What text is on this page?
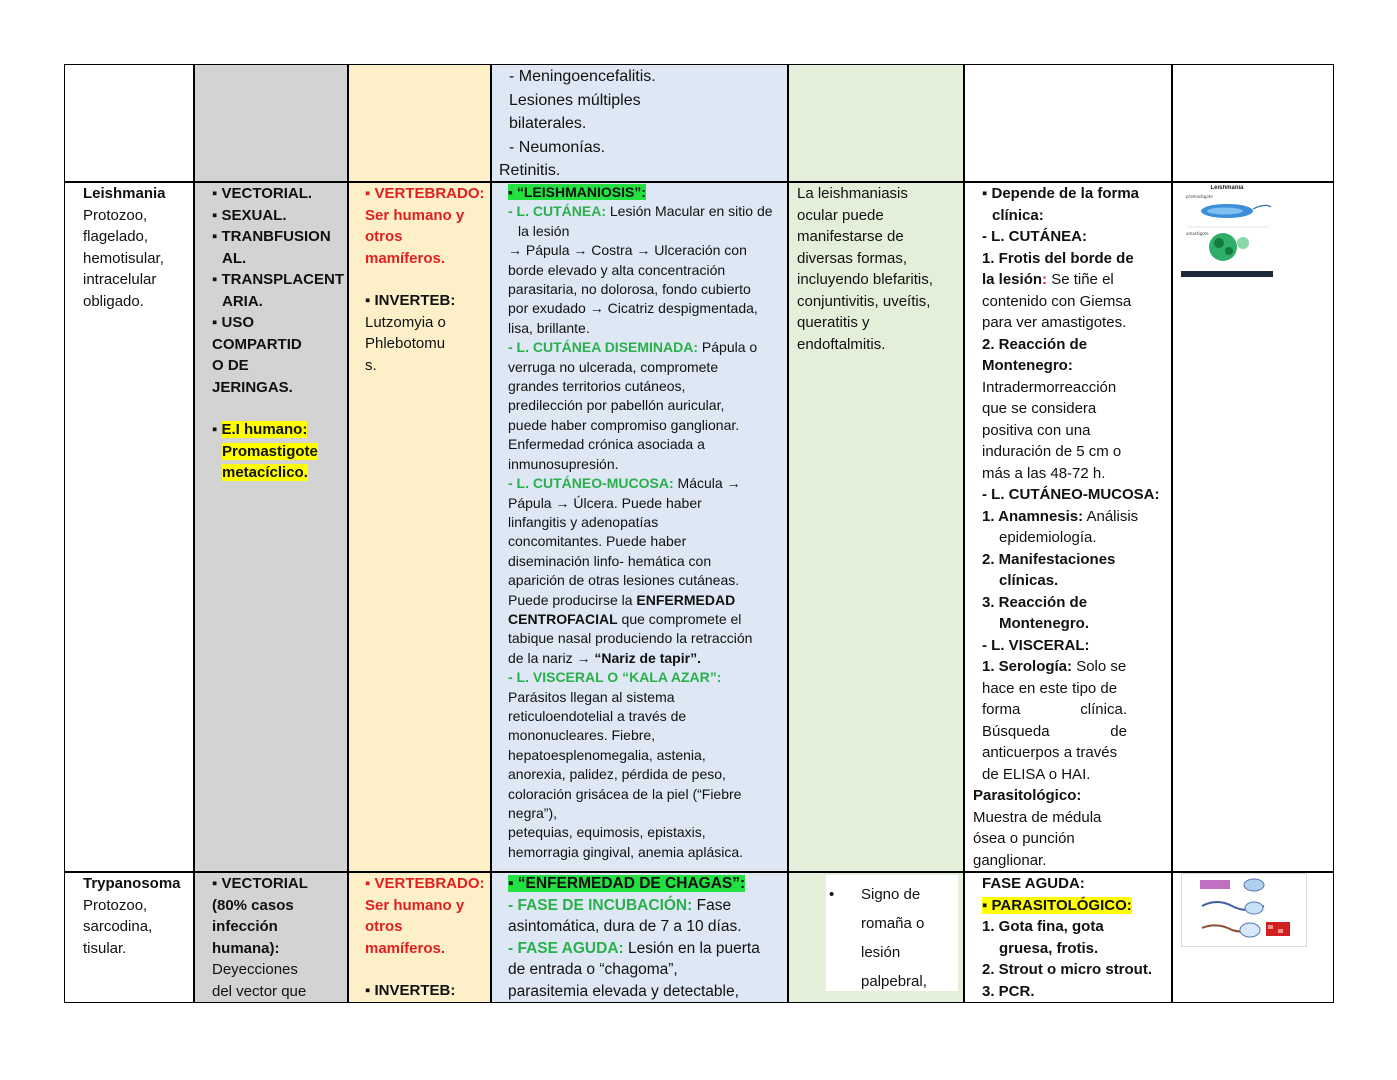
- Meningoencefalitis.
Lesiones múltiples
bilaterales.
- Neumonías.
Retinitis.
Leishmania
Protozoo,
flagelado,
hemotisular,
intracelular
obligado.
▪ VECTORIAL.
▪ SEXUAL.
▪ TRANBFUSION
AL.
▪ TRANSPLACENT
ARIA.
▪ USO
COMPARTID
O DE
JERINGAS.
▪ E.I humano:
Promastigote
metacíclico.
▪ VERTEBRADO:
Ser humano y
otros
mamíferos.
▪ INVERTEB:
Lutzomyia o
Phlebotomu
s.
▪ “LEISHMANIOSIS”:
- L. CUTÁNEA: Lesión Macular en sitio de
la lesión
→ Pápula → Costra → Ulceración con
borde elevado y alta concentración
parasitaria, no dolorosa, fondo cubierto
por exudado → Cicatriz despigmentada,
lisa, brillante.
- L. CUTÁNEA DISEMINADA: Pápula o
verruga no ulcerada, compromete
grandes territorios cutáneos,
predilección por pabellón auricular,
puede haber compromiso ganglionar.
Enfermedad crónica asociada a
inmunosupresión.
- L. CUTÁNEO-MUCOSA: Mácula →
Pápula → Úlcera. Puede haber
linfangitis y adenopatías
concomitantes. Puede haber
diseminación linfo- hemática con
aparición de otras lesiones cutáneas.
Puede producirse la ENFERMEDAD
CENTROFACIAL que compromete el
tabique nasal produciendo la retracción
de la nariz → “Nariz de tapir”.
- L. VISCERAL O “KALA AZAR”:
Parásitos llegan al sistema
reticuloendotelial a través de
mononucleares. Fiebre,
hepatoesplenomegalia, astenia,
anorexia, palidez, pérdida de peso,
coloración grisácea de la piel (“Fiebre
negra”),
petequias, equimosis, epistaxis,
hemorragia gingival, anemia aplásica.
La leishmaniasis
ocular puede
manifestarse de
diversas formas,
incluyendo blefaritis,
conjuntivitis, uveítis,
queratitis y
endoftalmitis.
▪ Depende de la forma
clínica:
- L. CUTÁNEA:
1. Frotis del borde de
la lesión: Se tiñe el
contenido con Giemsa
para ver amastigotes.
2. Reacción de
Montenegro:
Intradermorreacción
que se considera
positiva con una
induración de 5 cm o
más a las 48-72 h.
- L. CUTÁNEO-MUCOSA:
1. Anamnesis: Análisis
epidemiología.
2. Manifestaciones
clínicas.
3. Reacción de
Montenegro.
- L. VISCERAL:
1. Serología: Solo se
hace en este tipo de
forma clínica.
Búsqueda de
anticuerpos a través
de ELISA o HAI.
Parasitológico:
Muestra de médula
ósea o punción
ganglionar.
Leishmania
promastigote
amastigote
Trypanosoma
Protozoo,
sarcodina,
tisular.
▪ VECTORIAL
(80% casos
infección
humana):
Deyecciones
del vector que
▪ VERTEBRADO:
Ser humano y
otros
mamíferos.
▪ INVERTEB:
▪ “ENFERMEDAD DE CHAGAS”:
- FASE DE INCUBACIÓN: Fase
asintomática, dura de 7 a 10 días.
- FASE AGUDA: Lesión en la puerta
de entrada o “chagoma”,
parasitemia elevada y detectable,
• Signo de
romaña o
lesión
palpebral,
FASE AGUDA:
▪ PARASITOLÓGICO:
1. Gota fina, gota
gruesa, frotis.
2. Strout o micro strout.
3. PCR.
